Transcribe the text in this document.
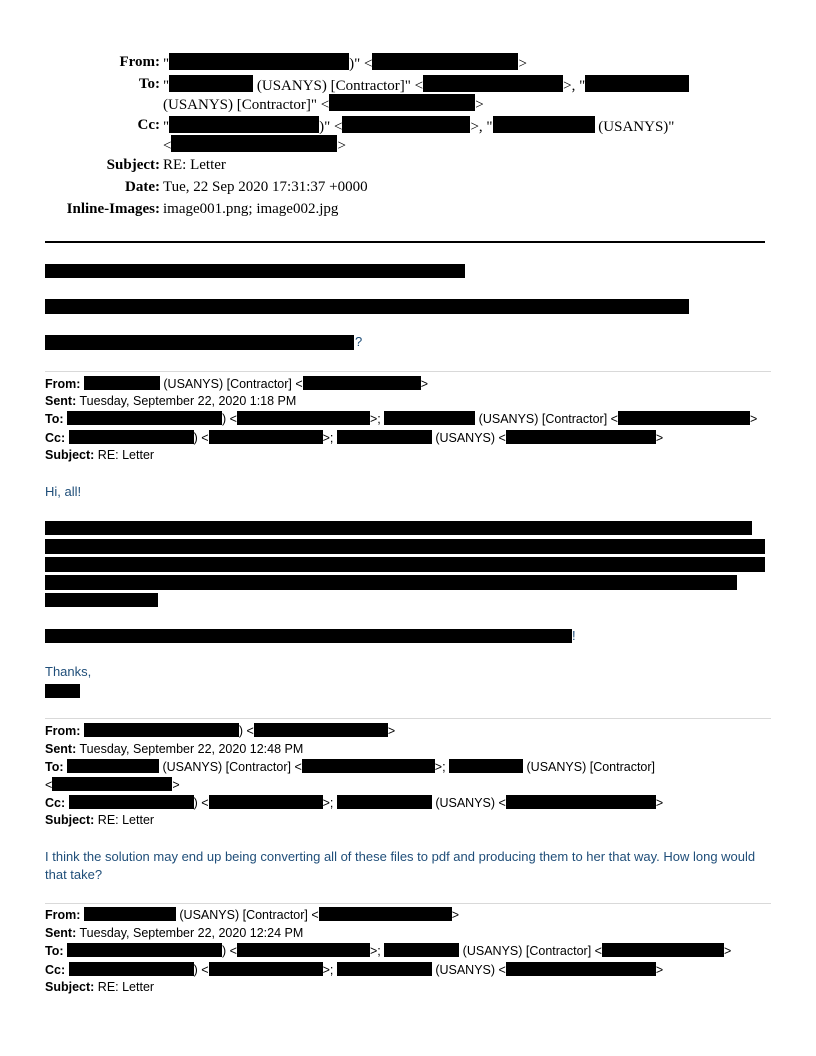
From: "	)" <	>
To: "	(USANYS) [Contractor]" <	>, "
(USANYS) [Contractor]" <	>
Cc: "	)" <	>, "	(USANYS)"
<	>
Subject: RE: Letter
Date: Tue, 22 Sep 2020 17:31:37 +0000
Inline-Images: image001.png; image002.jpg
?
From:	(USANYS) [Contractor] <	>
Sent: Tuesday, September 22, 2020 1:18 PM
To:	) <	>;	(USANYS) [Contractor] <	>
Cc:	) <	>;	(USANYS) <	>
Subject: RE: Letter
Hi, all!
!
Thanks,
From:	) <	>
Sent: Tuesday, September 22, 2020 12:48 PM
To:	(USANYS) [Contractor] <	>;	(USANYS) [Contractor]
<	>
Cc:	) <	>;	(USANYS) <	>
Subject: RE: Letter
I think the solution may end up being converting all of these files to pdf and producing them to her that way. How long would that take?
From:	(USANYS) [Contractor] <	>
Sent: Tuesday, September 22, 2020 12:24 PM
To:	) <	>;	(USANYS) [Contractor] <	>
Cc:	) <	>;	(USANYS) <	>
Subject: RE: Letter
